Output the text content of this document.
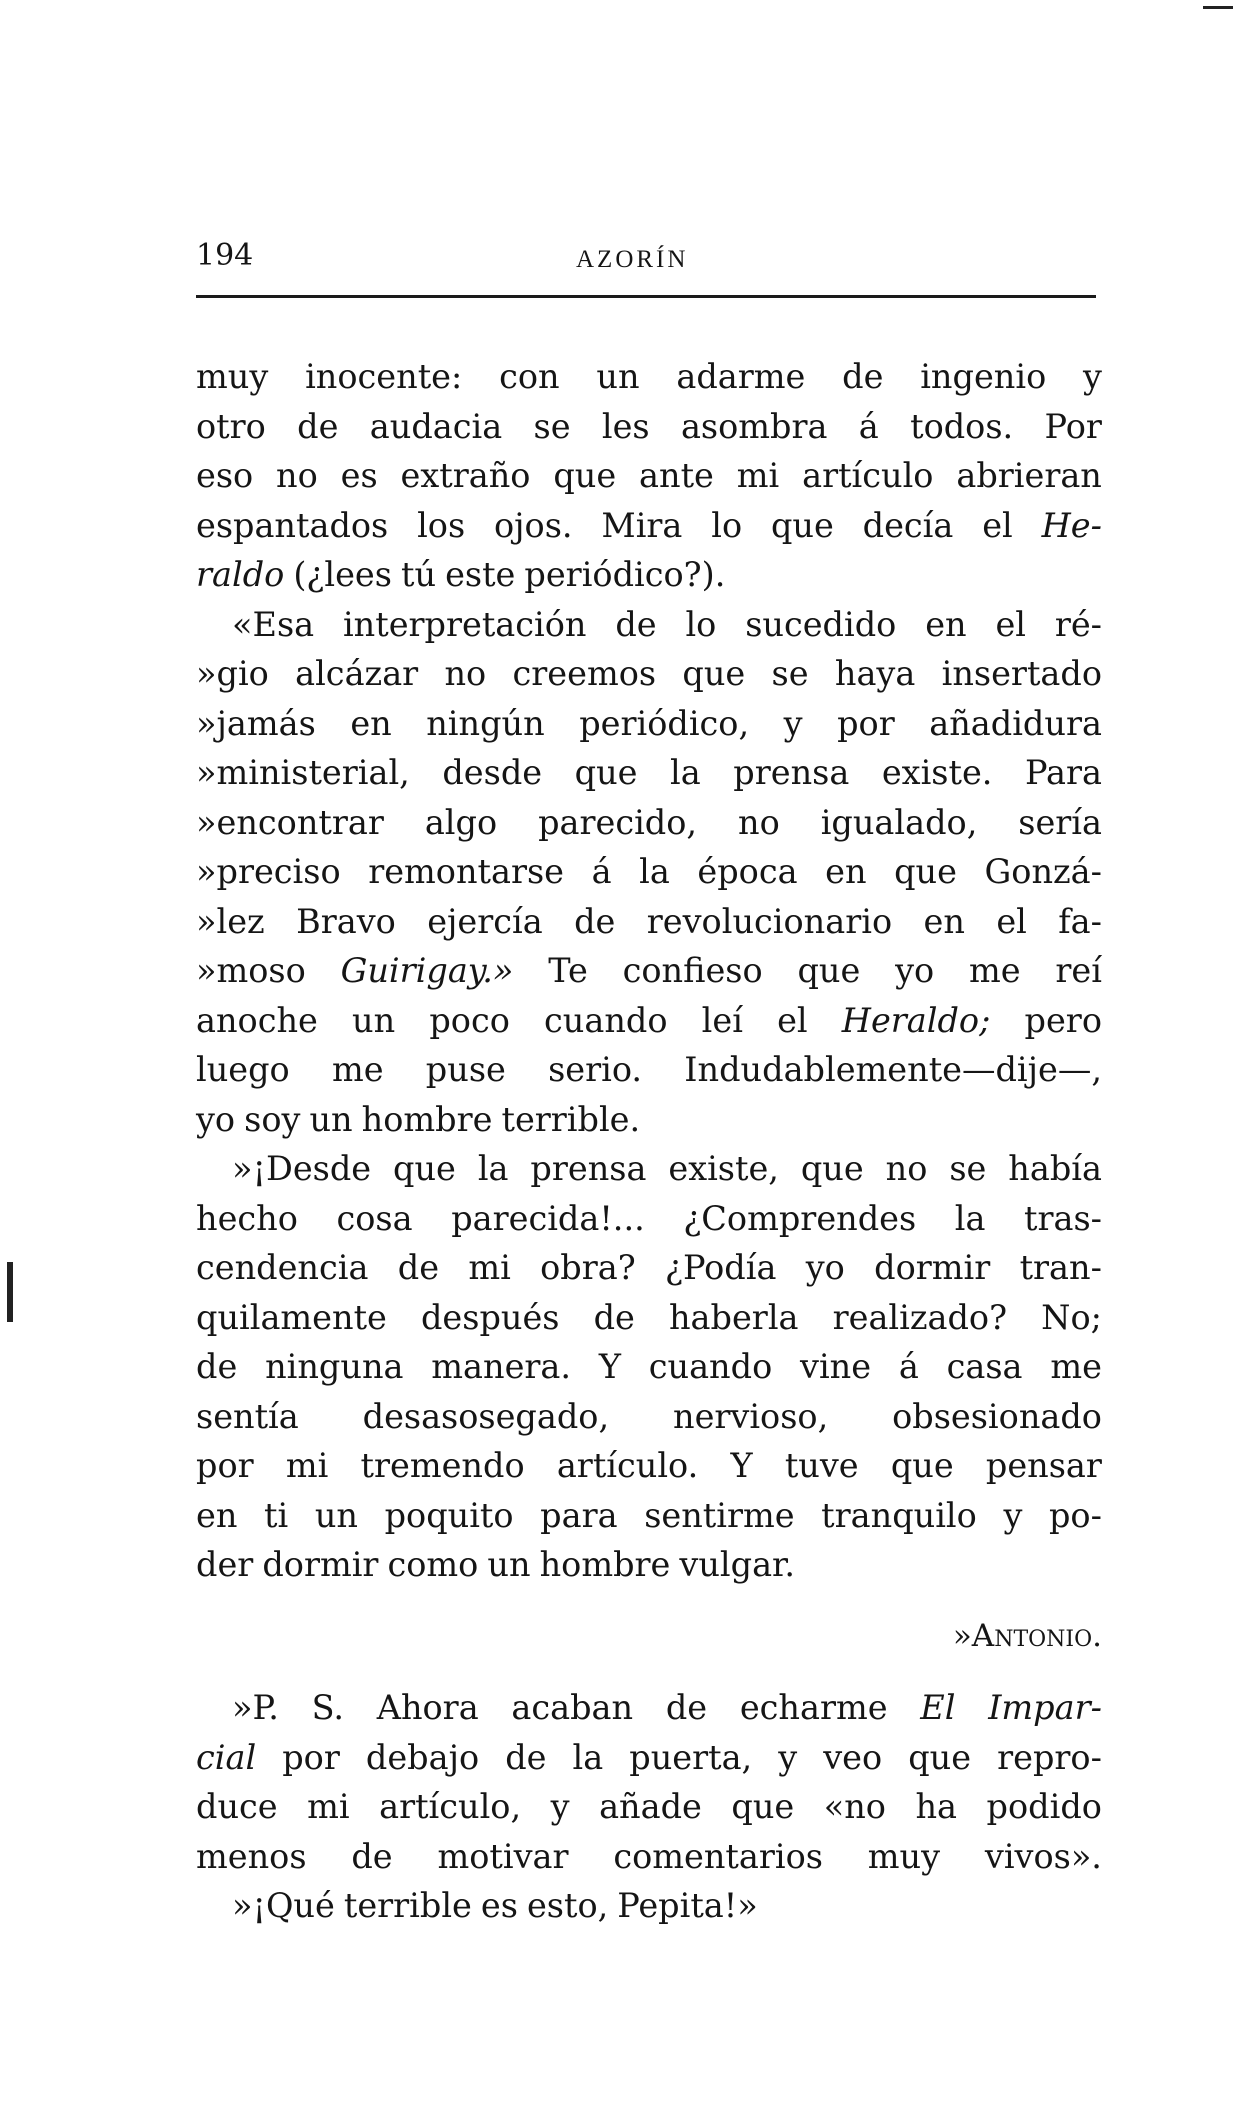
194	AZORÍN
muy inocente: con un adarme de ingenio y
otro de audacia se les asombra á todos. Por
eso no es extraño que ante mi artículo abrieran
espantados los ojos. Mira lo que decía el He-
raldo (¿lees tú este periódico?).
«Esa interpretación de lo sucedido en el ré-
»gio alcázar no creemos que se haya insertado
»jamás en ningún periódico, y por añadidura
»ministerial, desde que la prensa existe. Para
»encontrar algo parecido, no igualado, sería
»preciso remontarse á la época en que Gonzá-
»lez Bravo ejercía de revolucionario en el fa-
»moso Guirigay.» Te confieso que yo me reí
anoche un poco cuando leí el Heraldo; pero
luego me puse serio. Indudablemente—dije—,
yo soy un hombre terrible.
»¡Desde que la prensa existe, que no se había
hecho cosa parecida!... ¿Comprendes la tras-
cendencia de mi obra? ¿Podía yo dormir tran-
quilamente después de haberla realizado? No;
de ninguna manera. Y cuando vine á casa me
sentía desasosegado, nervioso, obsesionado
por mi tremendo artículo. Y tuve que pensar
en ti un poquito para sentirme tranquilo y po-
der dormir como un hombre vulgar.
»Antonio.
»P. S. Ahora acaban de echarme El Impar-
cial por debajo de la puerta, y veo que repro-
duce mi artículo, y añade que «no ha podido
menos de motivar comentarios muy vivos».
»¡Qué terrible es esto, Pepita!»
